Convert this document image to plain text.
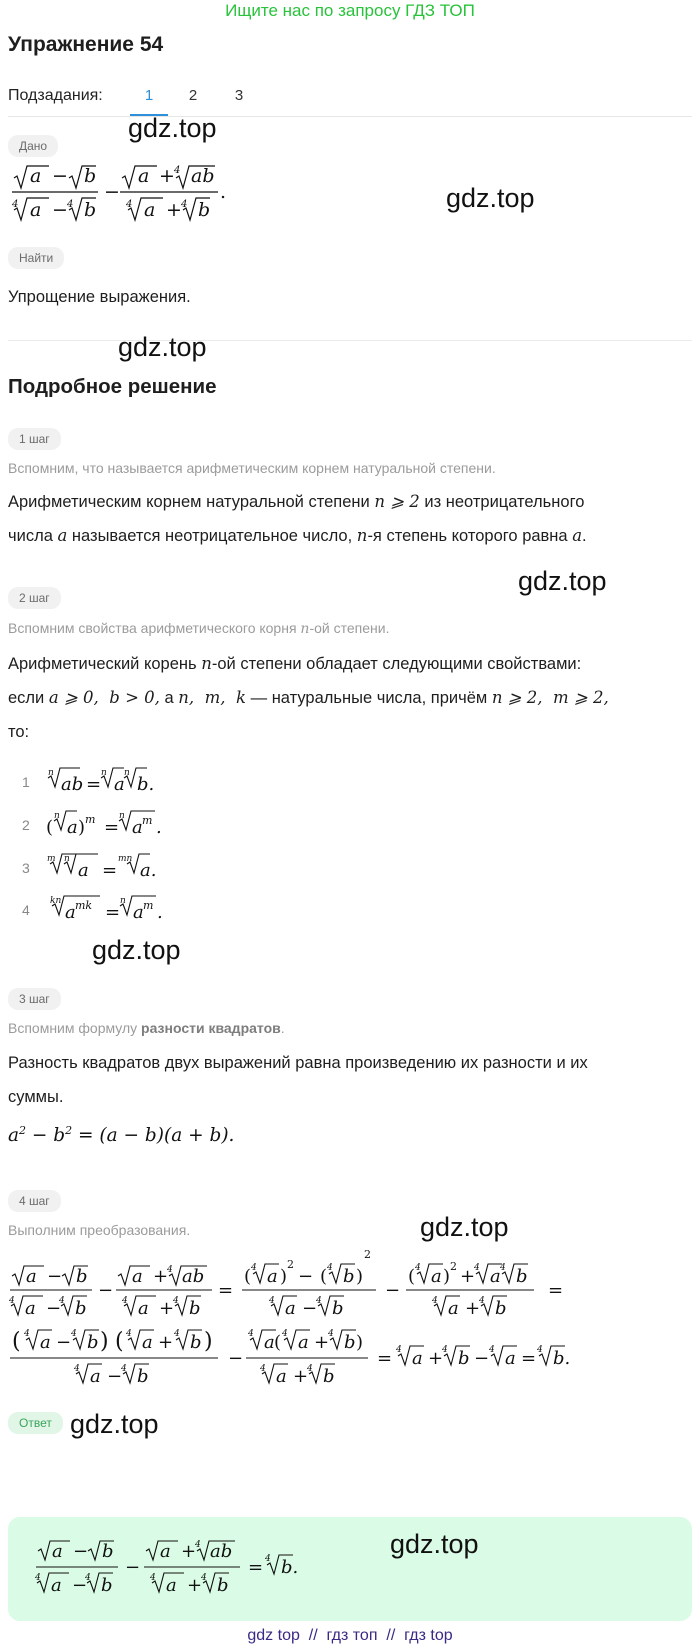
Ищите нас по запросу ГДЗ ТОП
Упражнение 54
Подзадания:	1	2	3
Дано
gdz.top
a − b
4 a − 4 b
−
a + 4 ab
4 a + 4 b
.	gdz.top
Найти
Упрощение выражения.
gdz.top
Подробное решение
1 шаг
Вспомним, что называется арифметическим корнем натуральной степени.
Арифметическим корнем натуральной степени n ⩾ 2 из неотрицательного
числа a называется неотрицательное число, n-я степень которого равна a.
2 шаг
gdz.top
Вспомним свойства арифметического корня n-ой степени.
Арифметический корень n-ой степени обладает следующими свойствами:
если a ⩾ 0,  b > 0, а n,  m,  k — натуральные числа, причём n ⩾ 2,  m ⩾ 2,
то:
1
2
3
4
n
ab =
n
a
n
b.
(
n
a ) m =
n
a m .
m n
a =
mn
a.
kn
a mk =
n
a m .
gdz.top
3 шаг
Вспомним формулу разности квадратов.
Разность квадратов двух выражений равна произведению их разности и их
суммы.
$a^2 - b^2 = (a - b)(a + b)$.
4 шаг
Выполним преобразования.	gdz.top
a − b
4 a −
4 b
−
a +
4 ab
4 a +
4 b
=
( 4 a )
2
− ( 4 b )
2
4 a −
4 b
−
( 4 a ) 2 +
4 a 4 b
4 a +
4 b
=
( 4 a − 4 b ) ( 4 a + 4 b )
4 a −
4 b
−
4 a ( 4 a +
4 b )
4 a +
4 b
= 4 a +
4 b − 4 a = 4 b.
Ответ gdz.top
a − b
4 a −
4 b
−
a +
4 ab
4 a +
4 b
= 4 b.
gdz.top
gdz top  //  гдз топ  //  гдз top
